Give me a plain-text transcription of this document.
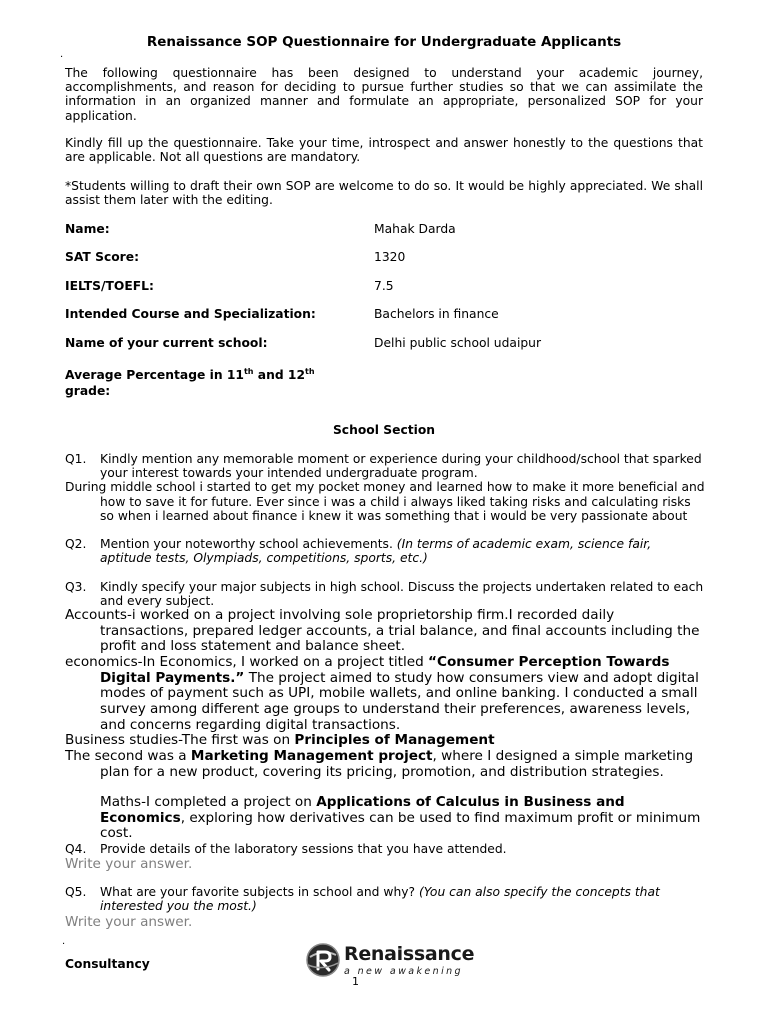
.
Renaissance SOP Questionnaire for Undergraduate Applicants
The following questionnaire has been designed to understand your academic journey, accomplishments, and reason for deciding to pursue further studies so that we can assimilate the information in an organized manner and formulate an appropriate, personalized SOP for your application.
Kindly fill up the questionnaire. Take your time, introspect and answer honestly to the questions that are applicable. Not all questions are mandatory.
*Students willing to draft their own SOP are welcome to do so. It would be highly appreciated. We shall assist them later with the editing.
Name:	Mahak Darda
SAT Score:	1320
IELTS/TOEFL:	7.5
Intended Course and Specialization:	Bachelors in finance
Name of your current school:	Delhi public school udaipur
Average Percentage in 11th and 12th
grade:
School Section
Q1.	Kindly mention any memorable moment or experience during your childhood/school that sparked your interest towards your intended undergraduate program.
During middle school i started to get my pocket money and learned how to make it more beneficial and how to save it for future. Ever since i was a child i always liked taking risks and calculating risks so when i learned about finance i knew it was something that i would be very passionate about
Q2.	Mention your noteworthy school achievements. (In terms of academic exam, science fair, aptitude tests, Olympiads, competitions, sports, etc.)
Q3.	Kindly specify your major subjects in high school. Discuss the projects undertaken related to each and every subject.
Accounts-i worked on a project involving sole proprietorship firm.I recorded daily transactions, prepared ledger accounts, a trial balance, and final accounts including the profit and loss statement and balance sheet.
economics-In Economics, I worked on a project titled “Consumer Perception Towards Digital Payments.” The project aimed to study how consumers view and adopt digital modes of payment such as UPI, mobile wallets, and online banking. I conducted a small survey among different age groups to understand their preferences, awareness levels, and concerns regarding digital transactions.
Business studies-The first was on Principles of Management
The second was a Marketing Management project, where I designed a simple marketing plan for a new product, covering its pricing, promotion, and distribution strategies.
Maths-I completed a project on Applications of Calculus in Business and Economics, exploring how derivatives can be used to find maximum profit or minimum cost.
Q4.	Provide details of the laboratory sessions that you have attended.
Write your answer.
Q5.	What are your favorite subjects in school and why? (You can also specify the concepts that interested you the most.)
Write your answer.
.
Consultancy	Renaissance
a new awakening
1
